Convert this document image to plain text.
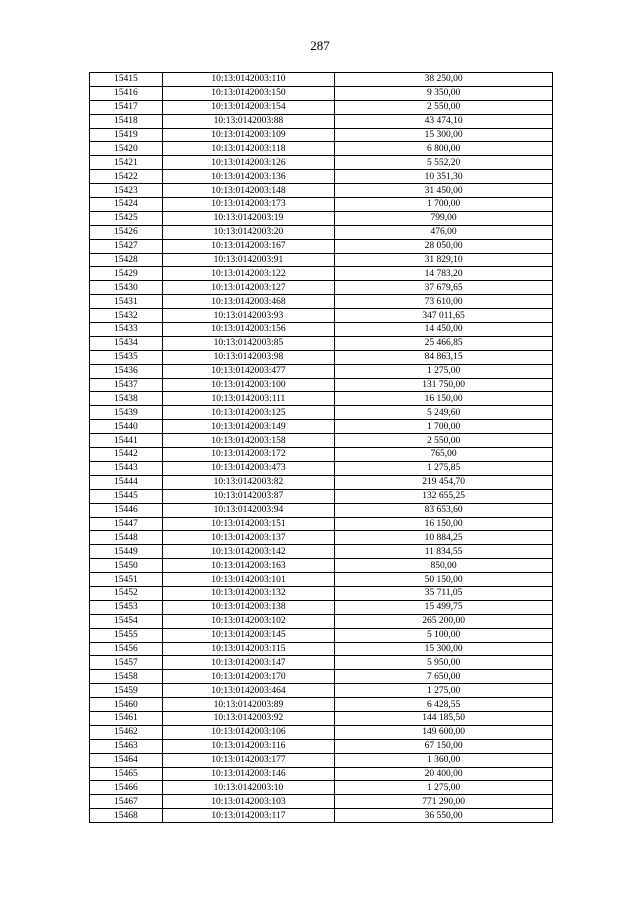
287
15415	10:13:0142003:110	38 250,00
15416	10:13:0142003:150	9 350,00
15417	10:13:0142003:154	2 550,00
15418	10:13:0142003:88	43 474,10
15419	10:13:0142003:109	15 300,00
15420	10:13:0142003:118	6 800,00
15421	10:13:0142003:126	5 552,20
15422	10:13:0142003:136	10 351,30
15423	10:13:0142003:148	31 450,00
15424	10:13:0142003:173	1 700,00
15425	10:13:0142003:19	799,00
15426	10:13:0142003:20	476,00
15427	10:13:0142003:167	28 050,00
15428	10:13:0142003:91	31 829,10
15429	10:13:0142003:122	14 783,20
15430	10:13:0142003:127	37 679,65
15431	10:13:0142003:468	73 610,00
15432	10:13:0142003:93	347 011,65
15433	10:13:0142003:156	14 450,00
15434	10:13:0142003:85	25 466,85
15435	10:13:0142003:98	84 863,15
15436	10:13:0142003:477	1 275,00
15437	10:13:0142003:100	131 750,00
15438	10:13:0142003:111	16 150,00
15439	10:13:0142003:125	5 249,60
15440	10:13:0142003:149	1 700,00
15441	10:13:0142003:158	2 550,00
15442	10:13:0142003:172	765,00
15443	10:13:0142003:473	1 275,85
15444	10:13:0142003:82	219 454,70
15445	10:13:0142003:87	132 655,25
15446	10:13:0142003:94	83 653,60
15447	10:13:0142003:151	16 150,00
15448	10:13:0142003:137	10 884,25
15449	10:13:0142003:142	11 834,55
15450	10:13:0142003:163	850,00
15451	10:13:0142003:101	50 150,00
15452	10:13:0142003:132	35 711,05
15453	10:13:0142003:138	15 499,75
15454	10:13:0142003:102	265 200,00
15455	10:13:0142003:145	5 100,00
15456	10:13:0142003:115	15 300,00
15457	10:13:0142003:147	5 950,00
15458	10:13:0142003:170	7 650,00
15459	10:13:0142003:464	1 275,00
15460	10:13:0142003:89	6 428,55
15461	10:13:0142003:92	144 185,50
15462	10:13:0142003:106	149 600,00
15463	10:13:0142003:116	67 150,00
15464	10:13:0142003:177	1 360,00
15465	10:13:0142003:146	20 400,00
15466	10:13:0142003:10	1 275,00
15467	10:13:0142003:103	771 290,00
15468	10:13:0142003:117	36 550,00
